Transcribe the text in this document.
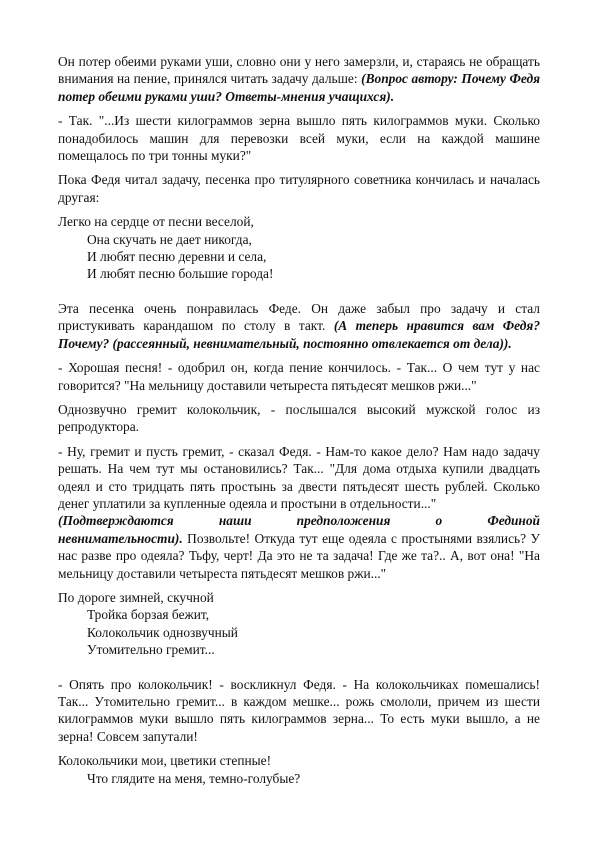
Он потер обеими руками уши, словно они у него замерзли, и, стараясь не обращать внимания на пение, принялся читать задачу дальше: (Вопрос автору: Почему Федя потер обеими руками уши? Ответы-мнения учащихся).

- Так. "...Из шести килограммов зерна вышло пять килограммов муки. Сколько понадобилось машин для перевозки всей муки, если на каждой машине помещалось по три тонны муки?"

Пока Федя читал задачу, песенка про титулярного советника кончилась и началась другая:

Легко на сердце от песни веселой,
Она скучать не дает никогда,
И любят песню деревни и села,
И любят песню большие города!

Эта песенка очень понравилась Феде. Он даже забыл про задачу и стал пристукивать карандашом по столу в такт. (А теперь нравится вам Федя? Почему? (рассеянный, невнимательный, постоянно отвлекается от дела)).

- Хорошая песня! - одобрил он, когда пение кончилось. - Так... О чем тут у нас говорится? "На мельницу доставили четыреста пятьдесят мешков ржи..."

Однозвучно гремит колокольчик, - послышался высокий мужской голос из репродуктора.

- Ну, гремит и пусть гремит, - сказал Федя. - Нам-то какое дело? Нам надо задачу решать. На чем тут мы остановились? Так... "Для дома отдыха купили двадцать одеял и сто тридцать пять простынь за двести пятьдесят шесть рублей. Сколько денег уплатили за купленные одеяла и простыни в отдельности..."
(Подтверждаются наши предположения о Фединой
невнимательности). Позвольте! Откуда тут еще одеяла с простынями взялись? У нас разве про одеяла? Тьфу, черт! Да это не та задача! Где же та?.. А, вот она! "На мельницу доставили четыреста пятьдесят мешков ржи..."

По дороге зимней, скучной
Тройка борзая бежит,
Колокольчик однозвучный
Утомительно гремит...

- Опять про колокольчик! - воскликнул Федя. - На колокольчиках помешались! Так... Утомительно гремит... в каждом мешке... рожь смололи, причем из шести килограммов муки вышло пять килограммов зерна... То есть муки вышло, а не зерна! Совсем запутали!

Колокольчики мои, цветики степные!
Что глядите на меня, темно-голубые?
